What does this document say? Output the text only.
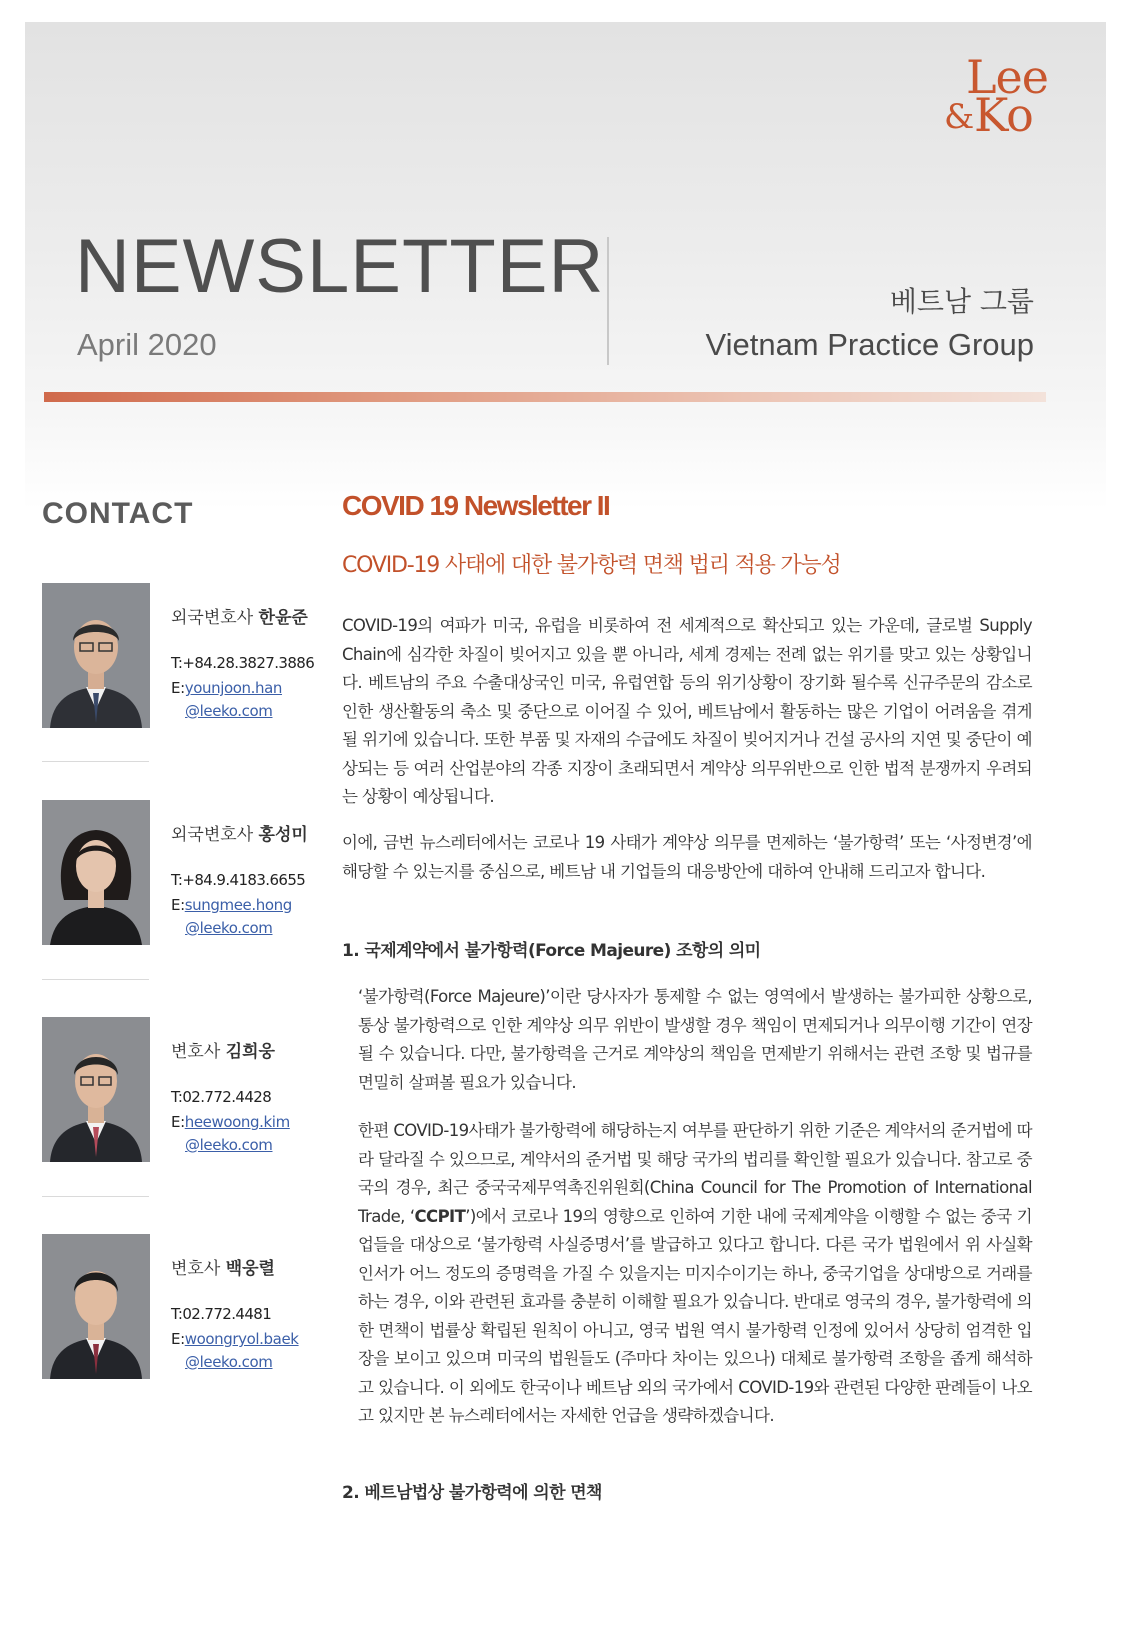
Lee
& Ko
NEWSLETTER
April 2020
베트남 그룹
Vietnam Practice Group
CONTACT
외국변호사 한윤준
T:+84.28.3827.3886
E:younjoon.han
@leeko.com
외국변호사 홍성미
T:+84.9.4183.6655
E:sungmee.hong
@leeko.com
변호사 김희웅
T:02.772.4428
E:heewoong.kim
@leeko.com
변호사 백웅렬
T:02.772.4481
E:woongryol.baek
@leeko.com
COVID 19 Newsletter II
COVID-19 사태에 대한 불가항력 면책 법리 적용 가능성
COVID-19의 여파가 미국, 유럽을 비롯하여 전 세계적으로 확산되고 있는 가운데, 글로벌 Supply Chain에 심각한 차질이 빚어지고 있을 뿐 아니라, 세계 경제는 전례 없는 위기를 맞고 있는 상황입니다. 베트남의 주요 수출대상국인 미국, 유럽연합 등의 위기상황이 장기화 될수록 신규주문의 감소로 인한 생산활동의 축소 및 중단으로 이어질 수 있어, 베트남에서 활동하는 많은 기업이 어려움을 겪게 될 위기에 있습니다. 또한 부품 및 자재의 수급에도 차질이 빚어지거나 건설 공사의 지연 및 중단이 예상되는 등 여러 산업분야의 각종 지장이 초래되면서 계약상 의무위반으로 인한 법적 분쟁까지 우려되는 상황이 예상됩니다.
이에, 금번 뉴스레터에서는 코로나 19 사태가 계약상 의무를 면제하는 ‘불가항력’ 또는 ‘사정변경’에 해당할 수 있는지를 중심으로, 베트남 내 기업들의 대응방안에 대하여 안내해 드리고자 합니다.
1. 국제계약에서 불가항력(Force Majeure) 조항의 의미
‘불가항력(Force Majeure)’이란 당사자가 통제할 수 없는 영역에서 발생하는 불가피한 상황으로, 통상 불가항력으로 인한 계약상 의무 위반이 발생할 경우 책임이 면제되거나 의무이행 기간이 연장될 수 있습니다. 다만, 불가항력을 근거로 계약상의 책임을 면제받기 위해서는 관련 조항 및 법규를 면밀히 살펴볼 필요가 있습니다.
한편 COVID-19사태가 불가항력에 해당하는지 여부를 판단하기 위한 기준은 계약서의 준거법에 따라 달라질 수 있으므로, 계약서의 준거법 및 해당 국가의 법리를 확인할 필요가 있습니다. 참고로 중국의 경우, 최근 중국국제무역촉진위원회(China Council for The Promotion of International Trade, ‘CCPIT’)에서 코로나 19의 영향으로 인하여 기한 내에 국제계약을 이행할 수 없는 중국 기업들을 대상으로 ‘불가항력 사실증명서’를 발급하고 있다고 합니다. 다른 국가 법원에서 위 사실확인서가 어느 정도의 증명력을 가질 수 있을지는 미지수이기는 하나, 중국기업을 상대방으로 거래를 하는 경우, 이와 관련된 효과를 충분히 이해할 필요가 있습니다. 반대로 영국의 경우, 불가항력에 의한 면책이 법률상 확립된 원칙이 아니고, 영국 법원 역시 불가항력 인정에 있어서 상당히 엄격한 입장을 보이고 있으며 미국의 법원들도 (주마다 차이는 있으나) 대체로 불가항력 조항을 좁게 해석하고 있습니다. 이 외에도 한국이나 베트남 외의 국가에서 COVID-19와 관련된 다양한 판례들이 나오고 있지만 본 뉴스레터에서는 자세한 언급을 생략하겠습니다.
2. 베트남법상 불가항력에 의한 면책
